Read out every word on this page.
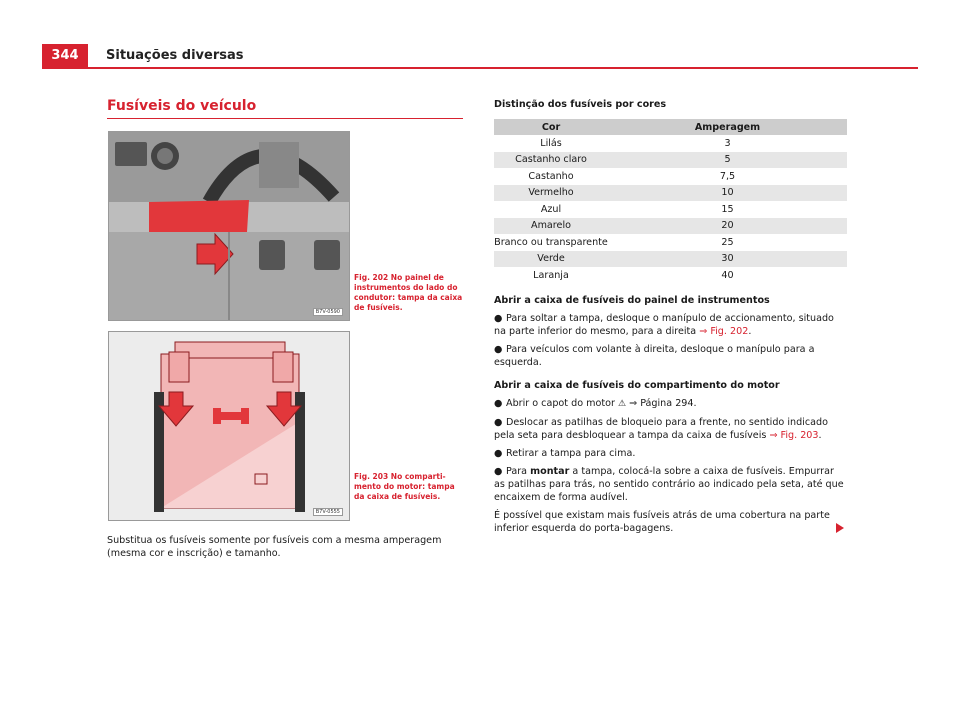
344	Situações diversas
Fusíveis do veículo
B7V-0590
Fig. 202 No painel de instrumentos do lado do condutor: tampa da caixa de fusíveis.
B7V-0555
Fig. 203 No compartimento do motor: tampa da caixa de fusíveis.
Substitua os fusíveis somente por fusíveis com a mesma amperagem (mesma cor e inscrição) e tamanho.
Distinção dos fusíveis por cores
Cor	Amperagem
Lilás	3
Castanho claro	5
Castanho	7,5
Vermelho	10
Azul	15
Amarelo	20
Branco ou transparente	25
Verde	30
Laranja	40
Abrir a caixa de fusíveis do painel de instrumentos

● Para soltar a tampa, desloque o manípulo de accionamento, situado na parte inferior do mesmo, para a direita ⇒ Fig. 202.

● Para veículos com volante à direita, desloque o manípulo para a esquerda.

Abrir a caixa de fusíveis do compartimento do motor

● Abrir o capot do motor ⚠ ⇒ Página 294.

● Deslocar as patilhas de bloqueio para a frente, no sentido indicado pela seta para desbloquear a tampa da caixa de fusíveis ⇒ Fig. 203.

● Retirar a tampa para cima.

● Para montar a tampa, colocá-la sobre a caixa de fusíveis. Empurrar as patilhas para trás, no sentido contrário ao indicado pela seta, até que encaixem de forma audível.

É possível que existam mais fusíveis atrás de uma cobertura na parte inferior esquerda do porta-bagagens.
